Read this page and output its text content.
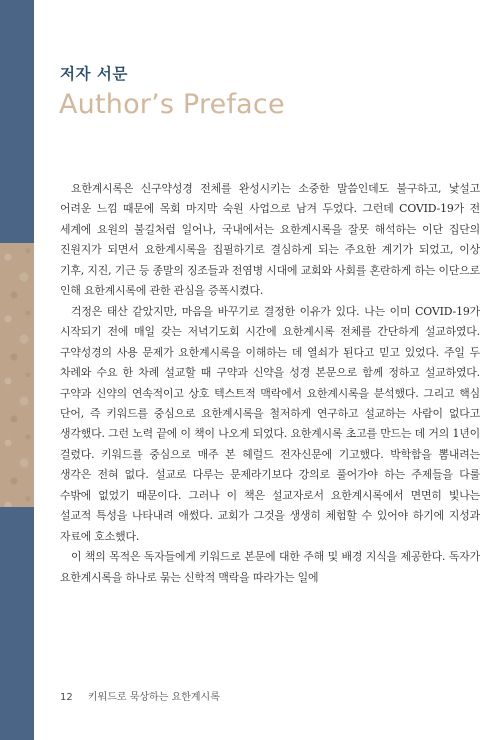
저자 서문
Author’s Preface

요한계시록은 신구약성경 전체를 완성시키는 소중한 말씀인데도 불구하고, 낯설고 어려운 느낌 때문에 목회 마지막 숙원 사업으로 남겨 두었다. 그런데 COVID-19가 전 세계에 요원의 불길처럼 일어나, 국내에서는 요한계시록을 잘못 해석하는 이단 집단의 진원지가 되면서 요한계시록을 집필하기로 결심하게 되는 주요한 계기가 되었고, 이상 기후, 지진, 기근 등 종말의 징조들과 전염병 시대에 교회와 사회를 혼란하게 하는 이단으로 인해 요한계시록에 관한 관심을 증폭시켰다.

걱정은 태산 같았지만, 마음을 바꾸기로 결정한 이유가 있다. 나는 이미 COVID-19가 시작되기 전에 매일 갖는 저녁기도회 시간에 요한계시록 전체를 간단하게 설교하였다. 구약성경의 사용 문제가 요한계시록을 이해하는 데 열쇠가 된다고 믿고 있었다. 주일 두 차례와 수요 한 차례 설교할 때 구약과 신약을 성경 본문으로 함께 정하고 설교하였다. 구약과 신약의 연속적이고 상호 텍스트적 맥락에서 요한계시록을 분석했다. 그리고 핵심 단어, 즉 키워드를 중심으로 요한계시록을 철저하게 연구하고 설교하는 사람이 없다고 생각했다. 그런 노력 끝에 이 책이 나오게 되었다. 요한계시록 초고를 만드는 데 거의 1년이 걸렸다. 키워드를 중심으로 매주 본 헤럴드 전자신문에 기고했다. 박학함을 뽐내려는 생각은 전혀 없다. 설교로 다루는 문제라기보다 강의로 풀어가야 하는 주제들을 다룰 수밖에 없었기 때문이다. 그러나 이 책은 설교자로서 요한계시록에서 면면히 빛나는 설교적 특성을 나타내려 애썼다. 교회가 그것을 생생히 체험할 수 있어야 하기에 지성과 자료에 호소했다.

이 책의 목적은 독자들에게 키워드로 본문에 대한 주해 및 배경 지식을 제공한다. 독자가 요한계시록을 하나로 묶는 신학적 맥락을 따라가는 일에

12 키워드로 묵상하는 요한계시록
